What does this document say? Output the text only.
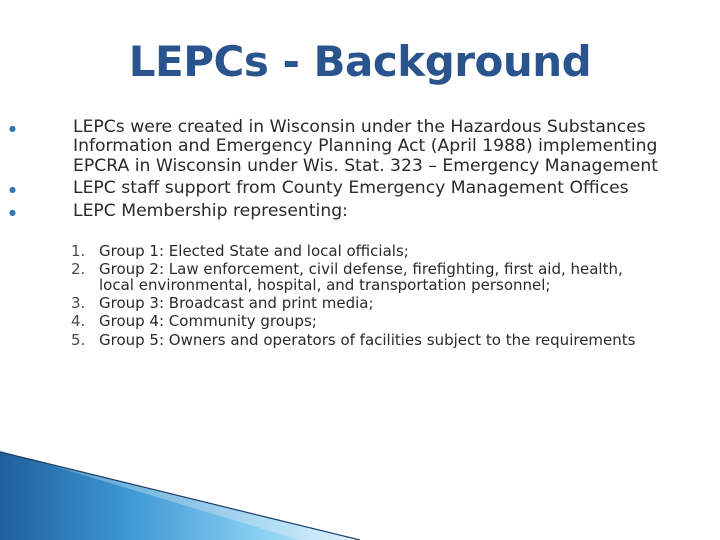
LEPCs - Background
●	LEPCs were created in Wisconsin under the Hazardous Substances Information and Emergency Planning Act (April 1988) implementing EPCRA in Wisconsin under Wis. Stat. 323 – Emergency Management
●	LEPC staff support from County Emergency Management Offices
●	LEPC Membership representing:
1. Group 1: Elected State and local officials;
2. Group 2: Law enforcement, civil defense, firefighting, first aid, health, local environmental, hospital, and transportation personnel;
3. Group 3: Broadcast and print media;
4. Group 4: Community groups;
5. Group 5: Owners and operators of facilities subject to the requirements
